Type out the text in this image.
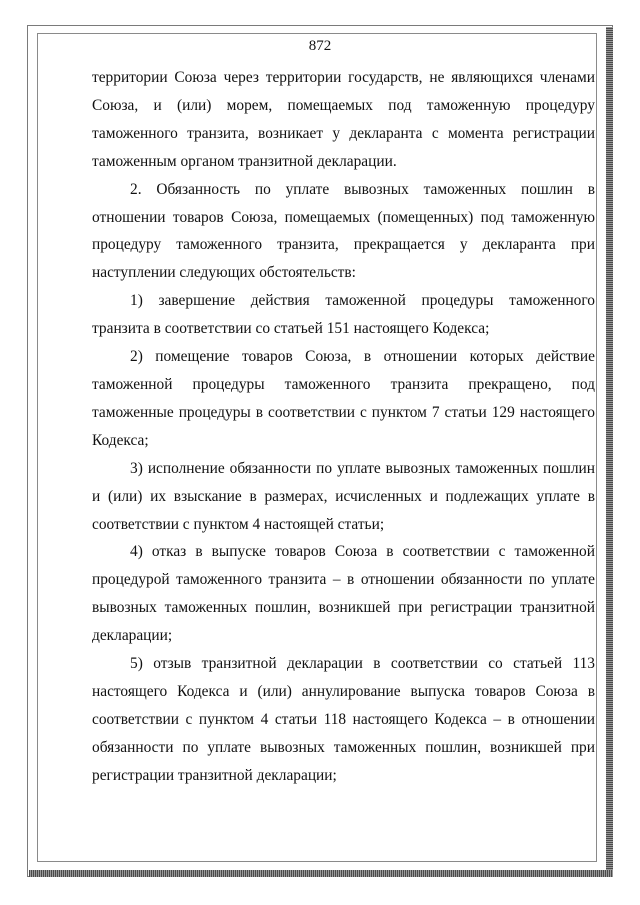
872

территории Союза через территории государств, не являющихся членами Союза, и (или) морем, помещаемых под таможенную процедуру таможенного транзита, возникает у декларанта с момента регистрации таможенным органом транзитной декларации.

2. Обязанность по уплате вывозных таможенных пошлин в отношении товаров Союза, помещаемых (помещенных) под таможенную процедуру таможенного транзита, прекращается у декларанта при наступлении следующих обстоятельств:

1) завершение действия таможенной процедуры таможенного транзита в соответствии со статьей 151 настоящего Кодекса;

2) помещение товаров Союза, в отношении которых действие таможенной процедуры таможенного транзита прекращено, под таможенные процедуры в соответствии с пунктом 7 статьи 129 настоящего Кодекса;

3) исполнение обязанности по уплате вывозных таможенных пошлин и (или) их взыскание в размерах, исчисленных и подлежащих уплате в соответствии с пунктом 4 настоящей статьи;

4) отказ в выпуске товаров Союза в соответствии с таможенной процедурой таможенного транзита – в отношении обязанности по уплате вывозных таможенных пошлин, возникшей при регистрации транзитной декларации;

5) отзыв транзитной декларации в соответствии со статьей 113 настоящего Кодекса и (или) аннулирование выпуска товаров Союза в соответствии с пунктом 4 статьи 118 настоящего Кодекса – в отношении обязанности по уплате вывозных таможенных пошлин, возникшей при регистрации транзитной декларации;
